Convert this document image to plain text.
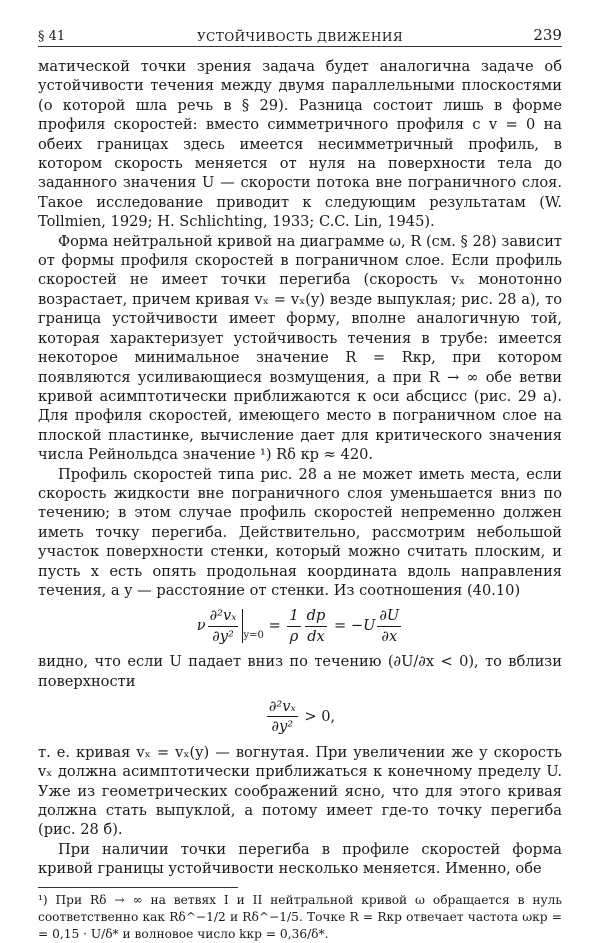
§ 41	УСТОЙЧИВОСТЬ ДВИЖЕНИЯ	239

матической точки зрения задача будет аналогична задаче об устойчивости течения между двумя параллельными плоскостями (о которой шла речь в § 29). Разница состоит лишь в форме профиля скоростей: вместо симметричного профиля с v = 0 на обеих границах здесь имеется несимметричный профиль, в котором скорость меняется от нуля на поверхности тела до заданного значения U — скорости потока вне пограничного слоя. Такое исследование приводит к следующим результатам (W. Tollmien, 1929; H. Schlichting, 1933; C.C. Lin, 1945).

Форма нейтральной кривой на диаграмме ω, R (см. § 28) зависит от формы профиля скоростей в пограничном слое. Если профиль скоростей не имеет точки перегиба (скорость vₓ монотонно возрастает, причем кривая vₓ = vₓ(y) везде выпуклая; рис. 28 а), то граница устойчивости имеет форму, вполне аналогичную той, которая характеризует устойчивость течения в трубе: имеется некоторое минимальное значение R = Rкр, при котором появляются усиливающиеся возмущения, а при R → ∞ обе ветви кривой асимптотически приближаются к оси абсцисс (рис. 29 а). Для профиля скоростей, имеющего место в пограничном слое на плоской пластинке, вычисление дает для критического значения числа Рейнольдса значение ¹) Rδ кр ≈ 420.

Профиль скоростей типа рис. 28 а не может иметь места, если скорость жидкости вне пограничного слоя уменьшается вниз по течению; в этом случае профиль скоростей непременно должен иметь точку перегиба. Действительно, рассмотрим небольшой участок поверхности стенки, который можно считать плоским, и пусть x есть опять продольная координата вдоль направления течения, а y — расстояние от стенки. Из соотношения (40.10)

ν $\frac{\text{∂²vₓ}}{\text{∂y²}} _{y=0} = \frac{1}{\rho} \frac{dp}{dx} = -U \frac{\partial U}{\partial x}$

видно, что если U падает вниз по течению (∂U/∂x < 0), то вблизи поверхности

$\frac{\text{∂²vₓ}}{\text{∂y²}} > 0$,

т. е. кривая vₓ = vₓ(y) — вогнутая. При увеличении же y скорость vₓ должна асимптотически приближаться к конечному пределу U. Уже из геометрических соображений ясно, что для этого кривая должна стать выпуклой, а потому имеет где-то точку перегиба (рис. 28 б).

При наличии точки перегиба в профиле скоростей форма кривой границы устойчивости несколько меняется. Именно, обе

¹) При Rδ → ∞ на ветвях I и II нейтральной кривой ω обращается в нуль соответственно как Rδ^−1/2 и Rδ^−1/5. Точке R = Rкр отвечает частота ωкр = = 0,15 · U/δ* и волновое число kкр = 0,36/δ*.
